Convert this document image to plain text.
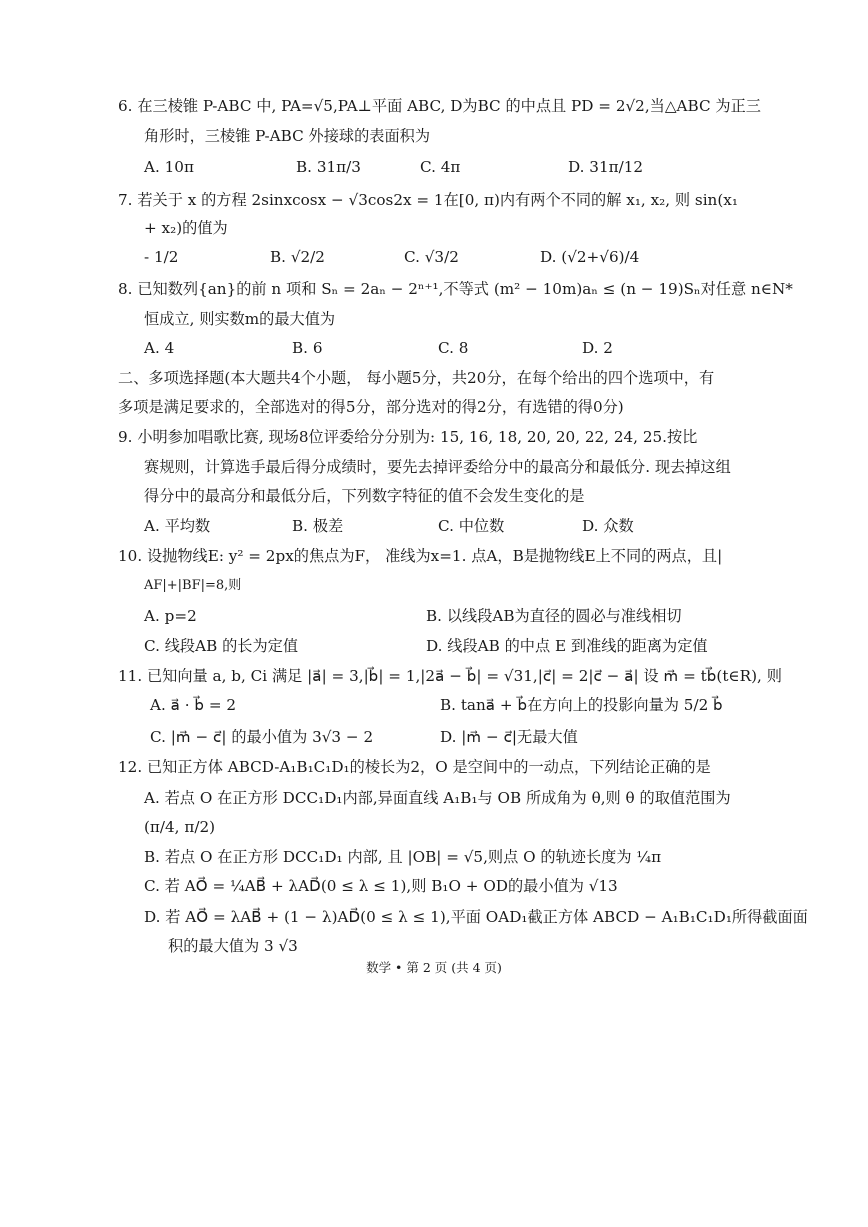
6. 在三棱锥 P-ABC 中, PA=√5,PA⊥平面 ABC, D为BC 的中点且 PD = 2√2,当△ABC 为正三
角形时，三棱锥 P-ABC 外接球的表面积为
A. 10π	B. 31π/3	C. 4π	D. 31π/12
7. 若关于 x 的方程 2sinxcosx − √3cos2x = 1在[0, π)内有两个不同的解 x₁, x₂, 则 sin(x₁
+ x₂)的值为
- 1/2	B. √2/2	C. √3/2	D. (√2+√6)/4
8. 已知数列{an}的前 n 项和 Sₙ = 2aₙ − 2ⁿ⁺¹,不等式 (m² − 10m)aₙ ≤ (n − 19)Sₙ对任意 n∈N*
恒成立, 则实数m的最大值为
A. 4	B. 6	C. 8	D. 2
二、多项选择题(本大题共4个小题， 每小题5分，共20分，在每个给出的四个选项中，有
多项是满足要求的，全部选对的得5分，部分选对的得2分，有选错的得0分)
9. 小明参加唱歌比赛, 现场8位评委给分分别为: 15, 16, 18, 20, 20, 22, 24, 25.按比
赛规则，计算选手最后得分成绩时，要先去掉评委给分中的最高分和最低分. 现去掉这组
得分中的最高分和最低分后，下列数字特征的值不会发生变化的是
A. 平均数	B. 极差	C. 中位数	D. 众数
10. 设抛物线E: y² = 2px的焦点为F， 准线为x=1. 点A，B是抛物线E上不同的两点，且|
AF|+|BF|=8,则
A. p=2	B. 以线段AB为直径的圆必与准线相切
C. 线段AB 的长为定值	D. 线段AB 的中点 E 到准线的距离为定值
11. 已知向量 a, b, Ci 满足 |a⃗| = 3,|b⃗| = 1,|2a⃗ − b⃗| = √31,|c⃗| = 2|c⃗ − a⃗| 设 m⃗ = tb⃗(t∈R), 则
A. a⃗ · b⃗ = 2	B. tana⃗ + b⃗在方向上的投影向量为 5/2 b⃗
C. |m⃗ − c⃗| 的最小值为 3√3 − 2	D. |m⃗ − c⃗|无最大值
12. 已知正方体 ABCD-A₁B₁C₁D₁的棱长为2，O 是空间中的一动点，下列结论正确的是
A. 若点 O 在正方形 DCC₁D₁内部,异面直线 A₁B₁与 OB 所成角为 θ,则 θ 的取值范围为
(π/4, π/2)
B. 若点 O 在正方形 DCC₁D₁ 内部, 且 |OB| = √5,则点 O 的轨迹长度为 ¼π
C. 若 AO⃗ = ¼AB⃗ + λAD⃗(0 ≤ λ ≤ 1),则 B₁O + OD的最小值为 √13
D. 若 AO⃗ = λAB⃗ + (1 − λ)AD⃗(0 ≤ λ ≤ 1),平面 OAD₁截正方体 ABCD − A₁B₁C₁D₁所得截面面
积的最大值为 3 √3
数学 • 第 2 页 (共 4 页)
